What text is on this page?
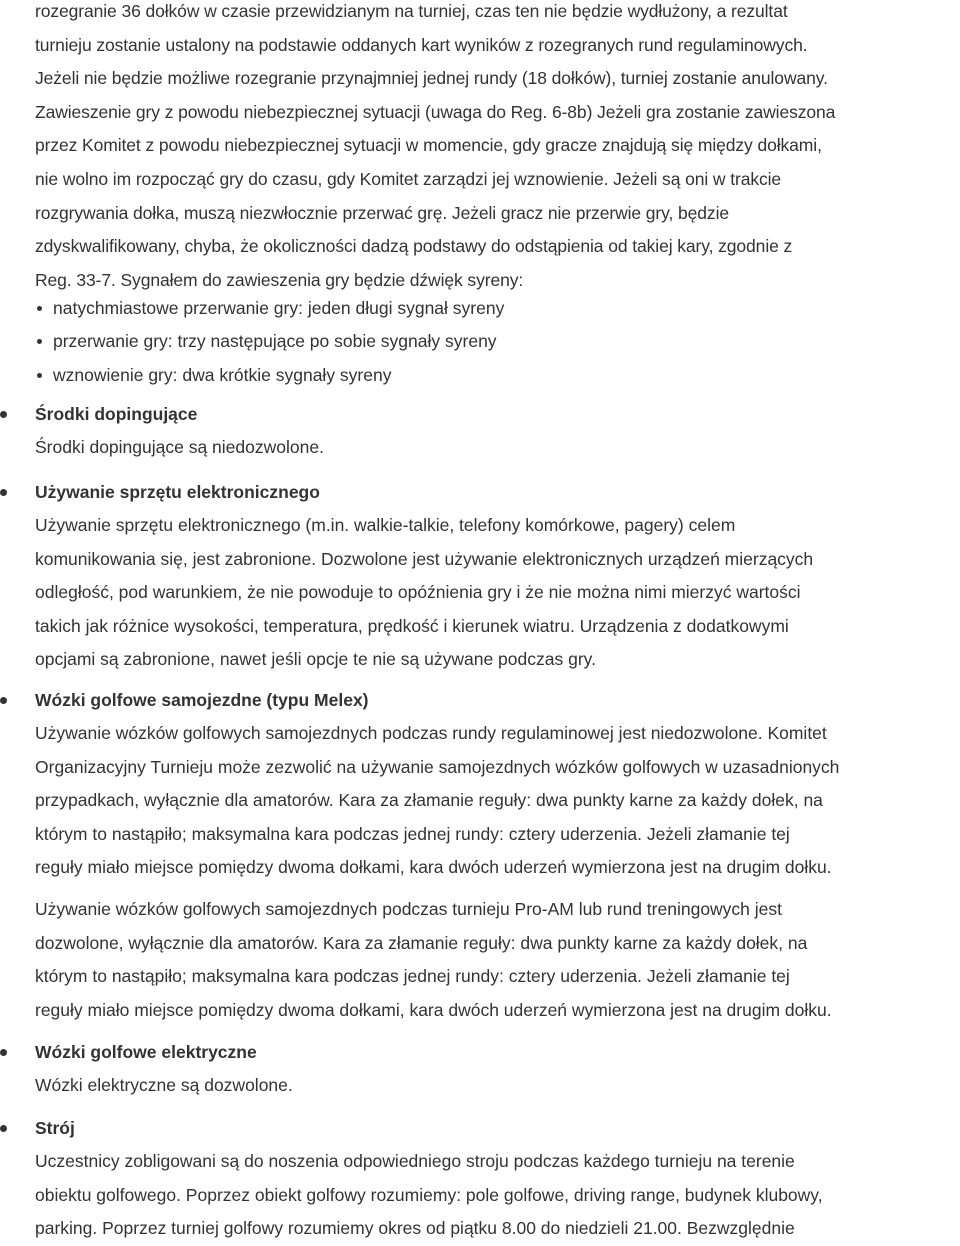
rozegranie 36 dołków w czasie przewidzianym na turniej, czas ten nie będzie wydłużony, a rezultat
turnieju zostanie ustalony na podstawie oddanych kart wyników z rozegranych rund regulaminowych.
Jeżeli nie będzie możliwe rozegranie przynajmniej jednej rundy (18 dołków), turniej zostanie anulowany.
Zawieszenie gry z powodu niebezpiecznej sytuacji (uwaga do Reg. 6-8b) Jeżeli gra zostanie zawieszona
przez Komitet z powodu niebezpiecznej sytuacji w momencie, gdy gracze znajdują się między dołkami,
nie wolno im rozpocząć gry do czasu, gdy Komitet zarządzi jej wznowienie. Jeżeli są oni w trakcie
rozgrywania dołka, muszą niezwłocznie przerwać grę. Jeżeli gracz nie przerwie gry, będzie
zdyskwalifikowany, chyba, że okoliczności dadzą podstawy do odstąpienia od takiej kary, zgodnie z
Reg. 33-7. Sygnałem do zawieszenia gry będzie dźwięk syreny:

natychmiastowe przerwanie gry: jeden długi sygnał syreny
przerwanie gry: trzy następujące po sobie sygnały syreny
wznowienie gry: dwa krótkie sygnały syreny
Środki dopingujące
Środki dopingujące są niedozwolone.
Używanie sprzętu elektronicznego
Używanie sprzętu elektronicznego (m.in. walkie-talkie, telefony komórkowe, pagery) celem
komunikowania się, jest zabronione. Dozwolone jest używanie elektronicznych urządzeń mierzących
odległość, pod warunkiem, że nie powoduje to opóźnienia gry i że nie można nimi mierzyć wartości
takich jak różnice wysokości, temperatura, prędkość i kierunek wiatru. Urządzenia z dodatkowymi
opcjami są zabronione, nawet jeśli opcje te nie są używane podczas gry.
Wózki golfowe samojezdne (typu Melex)
Używanie wózków golfowych samojezdnych podczas rundy regulaminowej jest niedozwolone. Komitet
Organizacyjny Turnieju może zezwolić na używanie samojezdnych wózków golfowych w uzasadnionych
przypadkach, wyłącznie dla amatorów. Kara za złamanie reguły: dwa punkty karne za każdy dołek, na
którym to nastąpiło; maksymalna kara podczas jednej rundy: cztery uderzenia. Jeżeli złamanie tej
reguły miało miejsce pomiędzy dwoma dołkami, kara dwóch uderzeń wymierzona jest na drugim dołku.
Używanie wózków golfowych samojezdnych podczas turnieju Pro-AM lub rund treningowych jest
dozwolone, wyłącznie dla amatorów. Kara za złamanie reguły: dwa punkty karne za każdy dołek, na
którym to nastąpiło; maksymalna kara podczas jednej rundy: cztery uderzenia. Jeżeli złamanie tej
reguły miało miejsce pomiędzy dwoma dołkami, kara dwóch uderzeń wymierzona jest na drugim dołku.
Wózki golfowe elektryczne
Wózki elektryczne są dozwolone.
Strój
Uczestnicy zobligowani są do noszenia odpowiedniego stroju podczas każdego turnieju na terenie
obiektu golfowego. Poprzez obiekt golfowy rozumiemy: pole golfowe, driving range, budynek klubowy,
parking. Poprzez turniej golfowy rozumiemy okres od piątku 8.00 do niedzieli 21.00. Bezwzględnie
